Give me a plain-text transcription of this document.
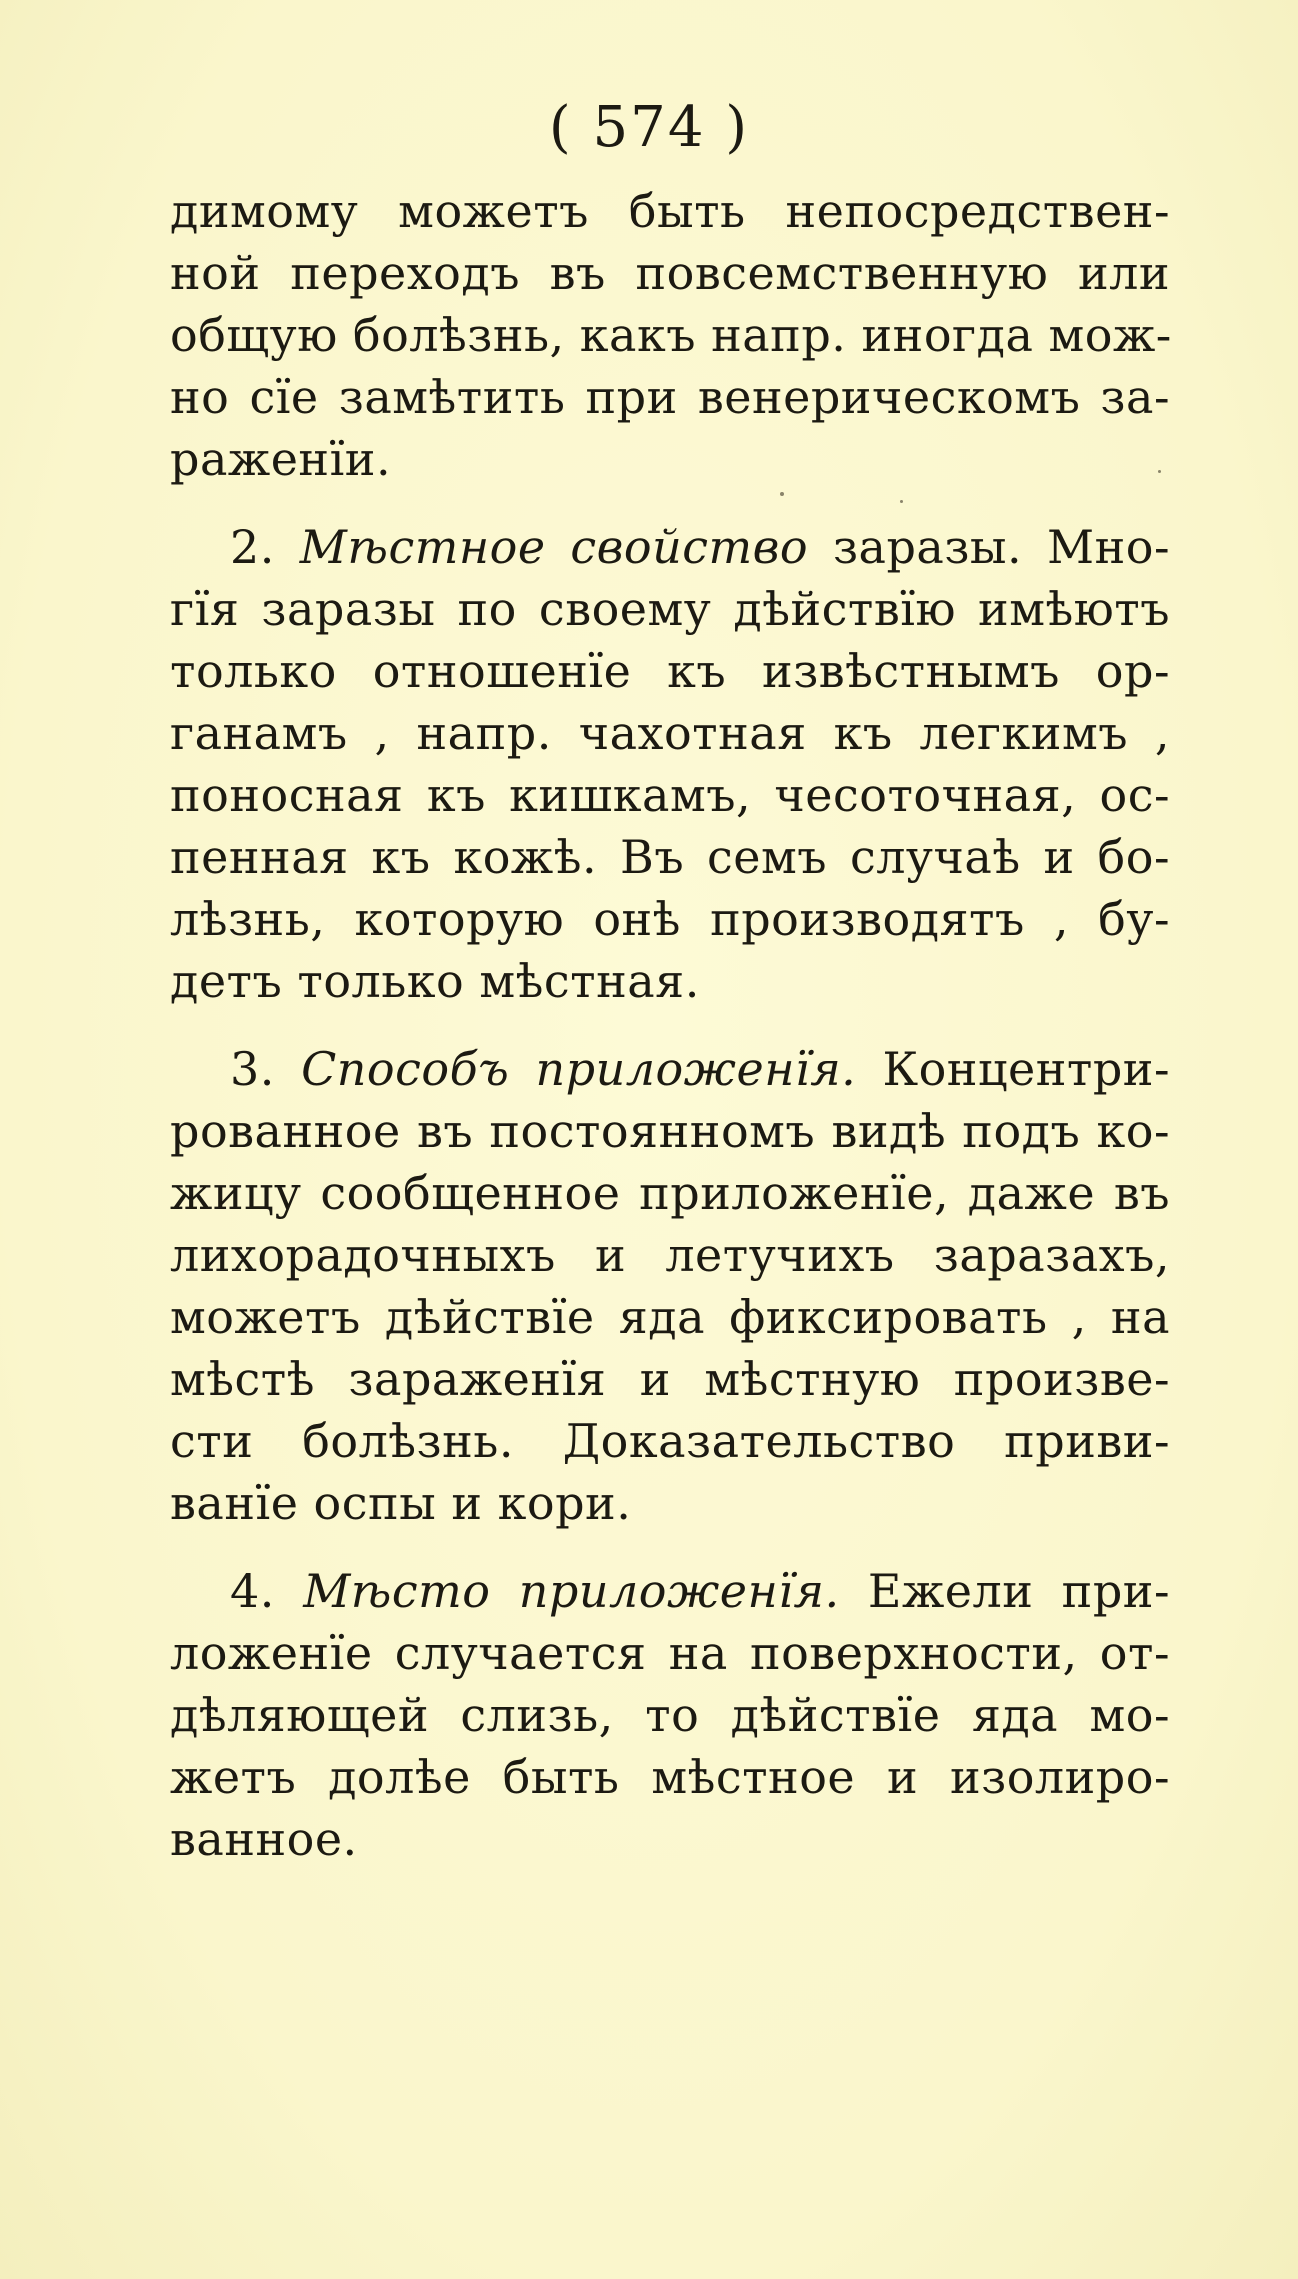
( 574 )
димому можетъ быть непосредствен-
ной переходъ въ повсемственную или
общую болѣзнь, какъ напр. иногда мож-
но сїе замѣтить при венерическомъ за-
раженїи.
2. Мѣстное свойство заразы. Мно-
гїя заразы по своему дѣйствїю имѣютъ
только отношенїе къ извѣстнымъ ор-
ганамъ , напр. чахотная къ легкимъ ,
поносная къ кишкамъ, чесоточная, ос-
пенная къ кожѣ. Въ семъ случаѣ и бо-
лѣзнь, которую онѣ производятъ , бу-
детъ только мѣстная.
3. Способъ приложенїя. Концентри-
рованное въ постоянномъ видѣ подъ ко-
жицу сообщенное приложенїе, даже въ
лихорадочныхъ и летучихъ заразахъ,
можетъ дѣйствїе яда фиксировать , на
мѣстѣ зараженїя и мѣстную произве-
сти болѣзнь. Доказательство приви-
ванїе оспы и кори.
4. Мѣсто приложенїя. Ежели при-
ложенїе случается на поверхности, от-
дѣляющей слизь, то дѣйствїе яда мо-
жетъ долѣе быть мѣстное и изолиро-
ванное.
